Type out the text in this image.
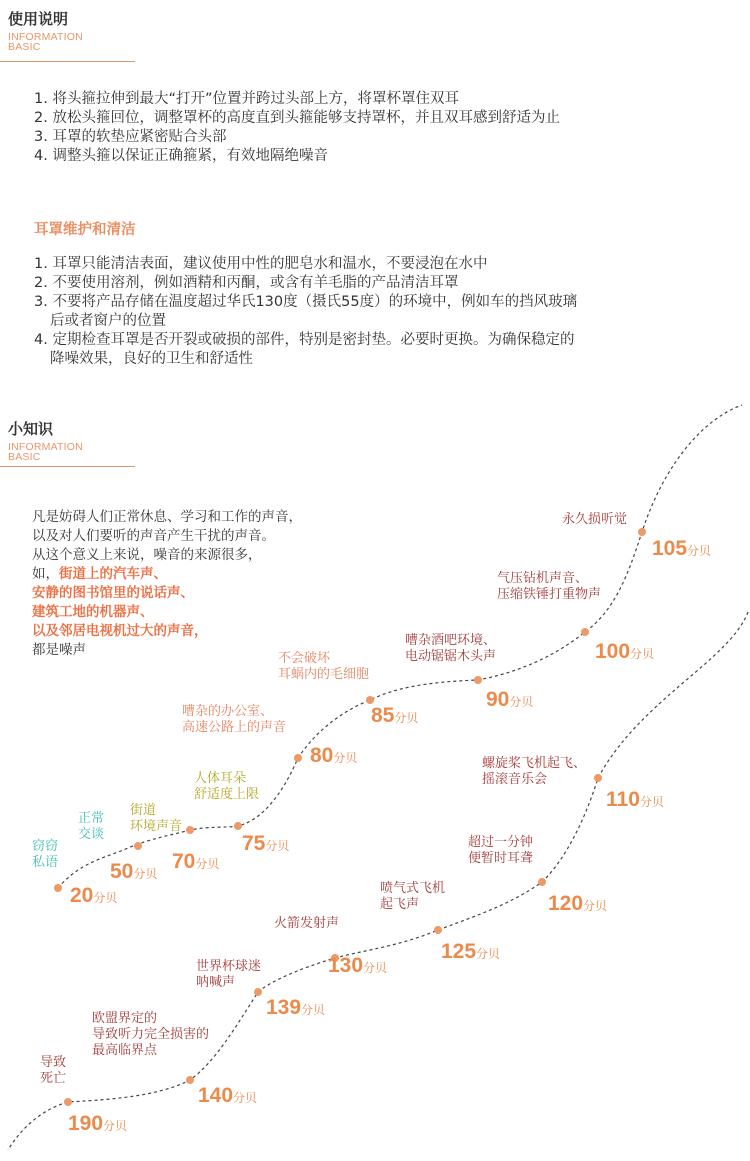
使用说明
INFORMATION
BASIC
1. 将头箍拉伸到最大“打开”位置并跨过头部上方，将罩杯罩住双耳
2. 放松头箍回位，调整罩杯的高度直到头箍能够支持罩杯，并且双耳感到舒适为止
3. 耳罩的软垫应紧密贴合头部
4. 调整头箍以保证正确箍紧，有效地隔绝噪音
耳罩维护和清洁
1. 耳罩只能清洁表面，建议使用中性的肥皂水和温水，不要浸泡在水中
2. 不要使用溶剂，例如酒精和丙酮，或含有羊毛脂的产品清洁耳罩
3. 不要将产品存储在温度超过华氏130度（摄氏55度）的环境中，例如车的挡风玻璃
后或者窗户的位置
4. 定期检查耳罩是否开裂或破损的部件，特别是密封垫。必要时更换。为确保稳定的
降噪效果，良好的卫生和舒适性
小知识
INFORMATION
BASIC
凡是妨碍人们正常休息、学习和工作的声音，
以及对人们要听的声音产生干扰的声音。
从这个意义上来说，噪音的来源很多，
如，街道上的汽车声、
安静的图书馆里的说话声、
建筑工地的机器声、
以及邻居电视机过大的声音，
都是噪声
20分贝
窃窃私语 50分贝
正常交谈
70分贝
街道环境声音
75分贝
人体耳朵舒适度上限
80分贝
嘈杂的办公室、高速公路上的声音
85分贝
不会破坏耳蜗内的毛细胞
90分贝
嘈杂酒吧环境、电动锯锯木头声	100分贝
气压钻机声音、压缩铁锤打重物声
105分贝
永久损听觉
110分贝
螺旋桨飞机起飞、摇滚音乐会
120分贝
超过一分钟便暂时耳聋
125分贝
喷气式飞机起飞声
130分贝
火箭发射声
139分贝
世界杯球迷呐喊声
140分贝
欧盟界定的导致听力完全损害的最高临界点
190分贝
导致死亡
